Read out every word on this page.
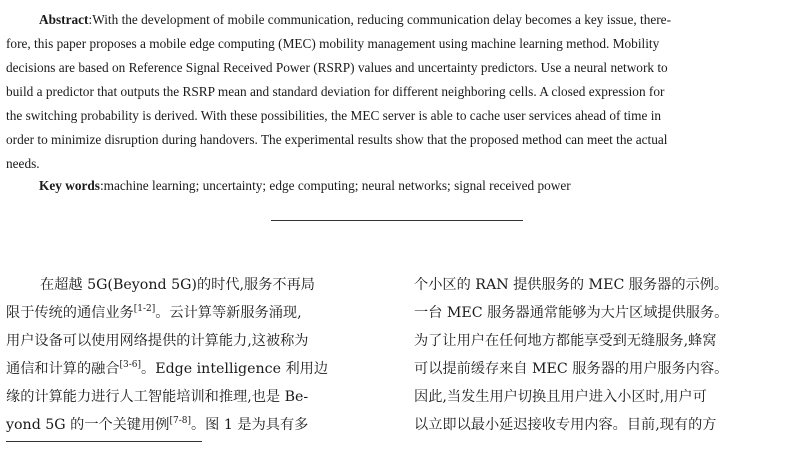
Abstract:With the development of mobile communication, reducing communication delay becomes a key issue, there-
fore, this paper proposes a mobile edge computing (MEC) mobility management using machine learning method. Mobility
decisions are based on Reference Signal Received Power (RSRP) values and uncertainty predictors. Use a neural network to
build a predictor that outputs the RSRP mean and standard deviation for different neighboring cells. A closed expression for
the switching probability is derived. With these possibilities, the MEC server is able to cache user services ahead of time in
order to minimize disruption during handovers. The experimental results show that the proposed method can meet the actual
needs.
Key words:machine learning; uncertainty; edge computing; neural networks; signal received power
在超越 5G(Beyond 5G)的时代,服务不再局
限于传统的通信业务[1-2]。云计算等新服务涌现,
用户设备可以使用网络提供的计算能力,这被称为
通信和计算的融合[3-6]。Edge intelligence 利用边
缘的计算能力进行人工智能培训和推理,也是 Be-
yond 5G 的一个关键用例[7-8]。图 1 是为具有多
个小区的 RAN 提供服务的 MEC 服务器的示例。
一台 MEC 服务器通常能够为大片区域提供服务。
为了让用户在任何地方都能享受到无缝服务,蜂窝
可以提前缓存来自 MEC 服务器的用户服务内容。
因此,当发生用户切换且用户进入小区时,用户可
以立即以最小延迟接收专用内容。目前,现有的方
